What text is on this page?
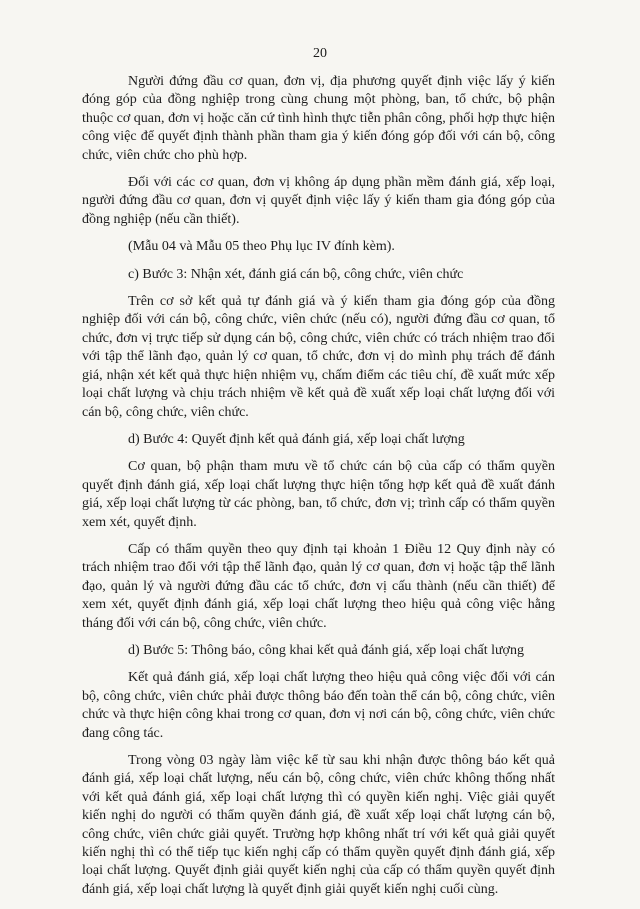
20

Người đứng đầu cơ quan, đơn vị, địa phương quyết định việc lấy ý kiến đóng góp của đồng nghiệp trong cùng chung một phòng, ban, tổ chức, bộ phận thuộc cơ quan, đơn vị hoặc căn cứ tình hình thực tiễn phân công, phối hợp thực hiện công việc để quyết định thành phần tham gia ý kiến đóng góp đối với cán bộ, công chức, viên chức cho phù hợp.

Đối với các cơ quan, đơn vị không áp dụng phần mềm đánh giá, xếp loại, người đứng đầu cơ quan, đơn vị quyết định việc lấy ý kiến tham gia đóng góp của đồng nghiệp (nếu cần thiết).

(Mẫu 04 và Mẫu 05 theo Phụ lục IV đính kèm).

c) Bước 3: Nhận xét, đánh giá cán bộ, công chức, viên chức

Trên cơ sở kết quả tự đánh giá và ý kiến tham gia đóng góp của đồng nghiệp đối với cán bộ, công chức, viên chức (nếu có), người đứng đầu cơ quan, tổ chức, đơn vị trực tiếp sử dụng cán bộ, công chức, viên chức có trách nhiệm trao đổi với tập thể lãnh đạo, quản lý cơ quan, tổ chức, đơn vị do mình phụ trách để đánh giá, nhận xét kết quả thực hiện nhiệm vụ, chấm điểm các tiêu chí, đề xuất mức xếp loại chất lượng và chịu trách nhiệm về kết quả đề xuất xếp loại chất lượng đối với cán bộ, công chức, viên chức.

d) Bước 4: Quyết định kết quả đánh giá, xếp loại chất lượng

Cơ quan, bộ phận tham mưu về tổ chức cán bộ của cấp có thẩm quyền quyết định đánh giá, xếp loại chất lượng thực hiện tổng hợp kết quả đề xuất đánh giá, xếp loại chất lượng từ các phòng, ban, tổ chức, đơn vị; trình cấp có thẩm quyền xem xét, quyết định.

Cấp có thẩm quyền theo quy định tại khoản 1 Điều 12 Quy định này có trách nhiệm trao đổi với tập thể lãnh đạo, quản lý cơ quan, đơn vị hoặc tập thể lãnh đạo, quản lý và người đứng đầu các tổ chức, đơn vị cấu thành (nếu cần thiết) để xem xét, quyết định đánh giá, xếp loại chất lượng theo hiệu quả công việc hằng tháng đối với cán bộ, công chức, viên chức.

d) Bước 5: Thông báo, công khai kết quả đánh giá, xếp loại chất lượng

Kết quả đánh giá, xếp loại chất lượng theo hiệu quả công việc đối với cán bộ, công chức, viên chức phải được thông báo đến toàn thể cán bộ, công chức, viên chức và thực hiện công khai trong cơ quan, đơn vị nơi cán bộ, công chức, viên chức đang công tác.

Trong vòng 03 ngày làm việc kể từ sau khi nhận được thông báo kết quả đánh giá, xếp loại chất lượng, nếu cán bộ, công chức, viên chức không thống nhất với kết quả đánh giá, xếp loại chất lượng thì có quyền kiến nghị. Việc giải quyết kiến nghị do người có thẩm quyền đánh giá, đề xuất xếp loại chất lượng cán bộ, công chức, viên chức giải quyết. Trường hợp không nhất trí với kết quả giải quyết kiến nghị thì có thể tiếp tục kiến nghị cấp có thẩm quyền quyết định đánh giá, xếp loại chất lượng. Quyết định giải quyết kiến nghị của cấp có thẩm quyền quyết định đánh giá, xếp loại chất lượng là quyết định giải quyết kiến nghị cuối cùng.
